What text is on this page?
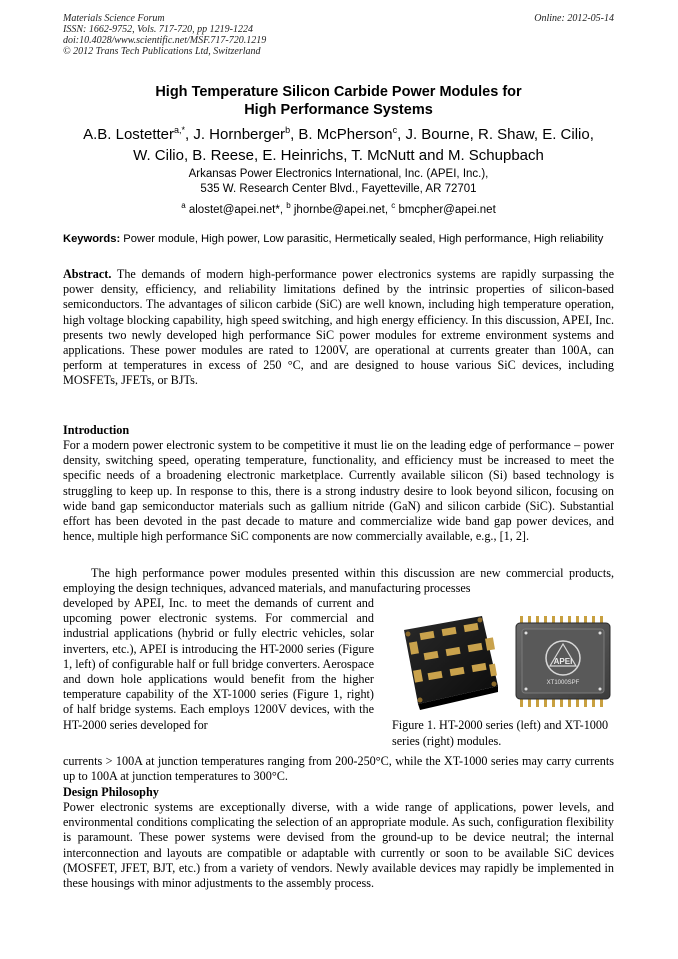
Materials Science Forum
ISSN: 1662-9752, Vols. 717-720, pp 1219-1224
doi:10.4028/www.scientific.net/MSF.717-720.1219
© 2012 Trans Tech Publications Ltd, Switzerland
Online: 2012-05-14
High Temperature Silicon Carbide Power Modules for
High Performance Systems
A.B. Lostetter$^{a,*}$, J. Hornberger$^b$, B. McPherson$^c$, J. Bourne, R. Shaw, E. Cilio,
W. Cilio, B. Reese, E. Heinrichs, T. McNutt and M. Schupbach
Arkansas Power Electronics International, Inc. (APEI, Inc.),
535 W. Research Center Blvd., Fayetteville, AR 72701
$^a$ alostet@apei.net*, $^b$ jhornbe@apei.net, $^c$ bmcpher@apei.net
Keywords: Power module, High power, Low parasitic, Hermetically sealed, High performance, High reliability

Abstract. The demands of modern high-performance power electronics systems are rapidly surpassing the power density, efficiency, and reliability limitations defined by the intrinsic properties of silicon-based semiconductors. The advantages of silicon carbide (SiC) are well known, including high temperature operation, high voltage blocking capability, high speed switching, and high energy efficiency. In this discussion, APEI, Inc. presents two newly developed high performance SiC power modules for extreme environment systems and applications. These power modules are rated to 1200V, are operational at currents greater than 100A, can perform at temperatures in excess of 250 °C, and are designed to house various SiC devices, including MOSFETs, JFETs, or BJTs.

Introduction

For a modern power electronic system to be competitive it must lie on the leading edge of performance – power density, switching speed, operating temperature, functionality, and efficiency must be increased to meet the specific needs of a broadening electronic marketplace. Currently available silicon (Si) based technology is struggling to keep up. In response to this, there is a strong industry desire to look beyond silicon, focusing on wide band gap semiconductor materials such as gallium nitride (GaN) and silicon carbide (SiC). Substantial effort has been devoted in the past decade to mature and commercialize wide band gap power devices, and hence, multiple high performance SiC components are now commercially available, e.g., [1, 2].

The high performance power modules presented within this discussion are new commercial products, employing the design techniques, advanced materials, and manufacturing processes

developed by APEI, Inc. to meet the demands of current and upcoming power electronic systems. For commercial and industrial applications (hybrid or fully electric vehicles, solar inverters, etc.), APEI is introducing the HT-2000 series (Figure 1, left) of configurable half or full bridge converters. Aerospace and down hole applications would benefit from the higher temperature capability of the XT-1000 series (Figure 1, right) of half bridge systems. Each employs 1200V devices, with the HT-2000 series developed for

APEI
XT1000SPF
Figure 1. HT-2000 series (left) and XT-1000 series (right) modules.

currents > 100A at junction temperatures ranging from 200-250°C, while the XT-1000 series may carry currents up to 100A at junction temperatures to 300°C.

Design Philosophy

Power electronic systems are exceptionally diverse, with a wide range of applications, power levels, and environmental conditions complicating the selection of an appropriate module. As such, configuration flexibility is paramount. These power systems were devised from the ground-up to be device neutral; the internal interconnection and layouts are compatible or adaptable with currently or soon to be available SiC devices (MOSFET, JFET, BJT, etc.) from a variety of vendors. Newly available devices may rapidly be implemented in these housings with minor adjustments to the assembly process.
